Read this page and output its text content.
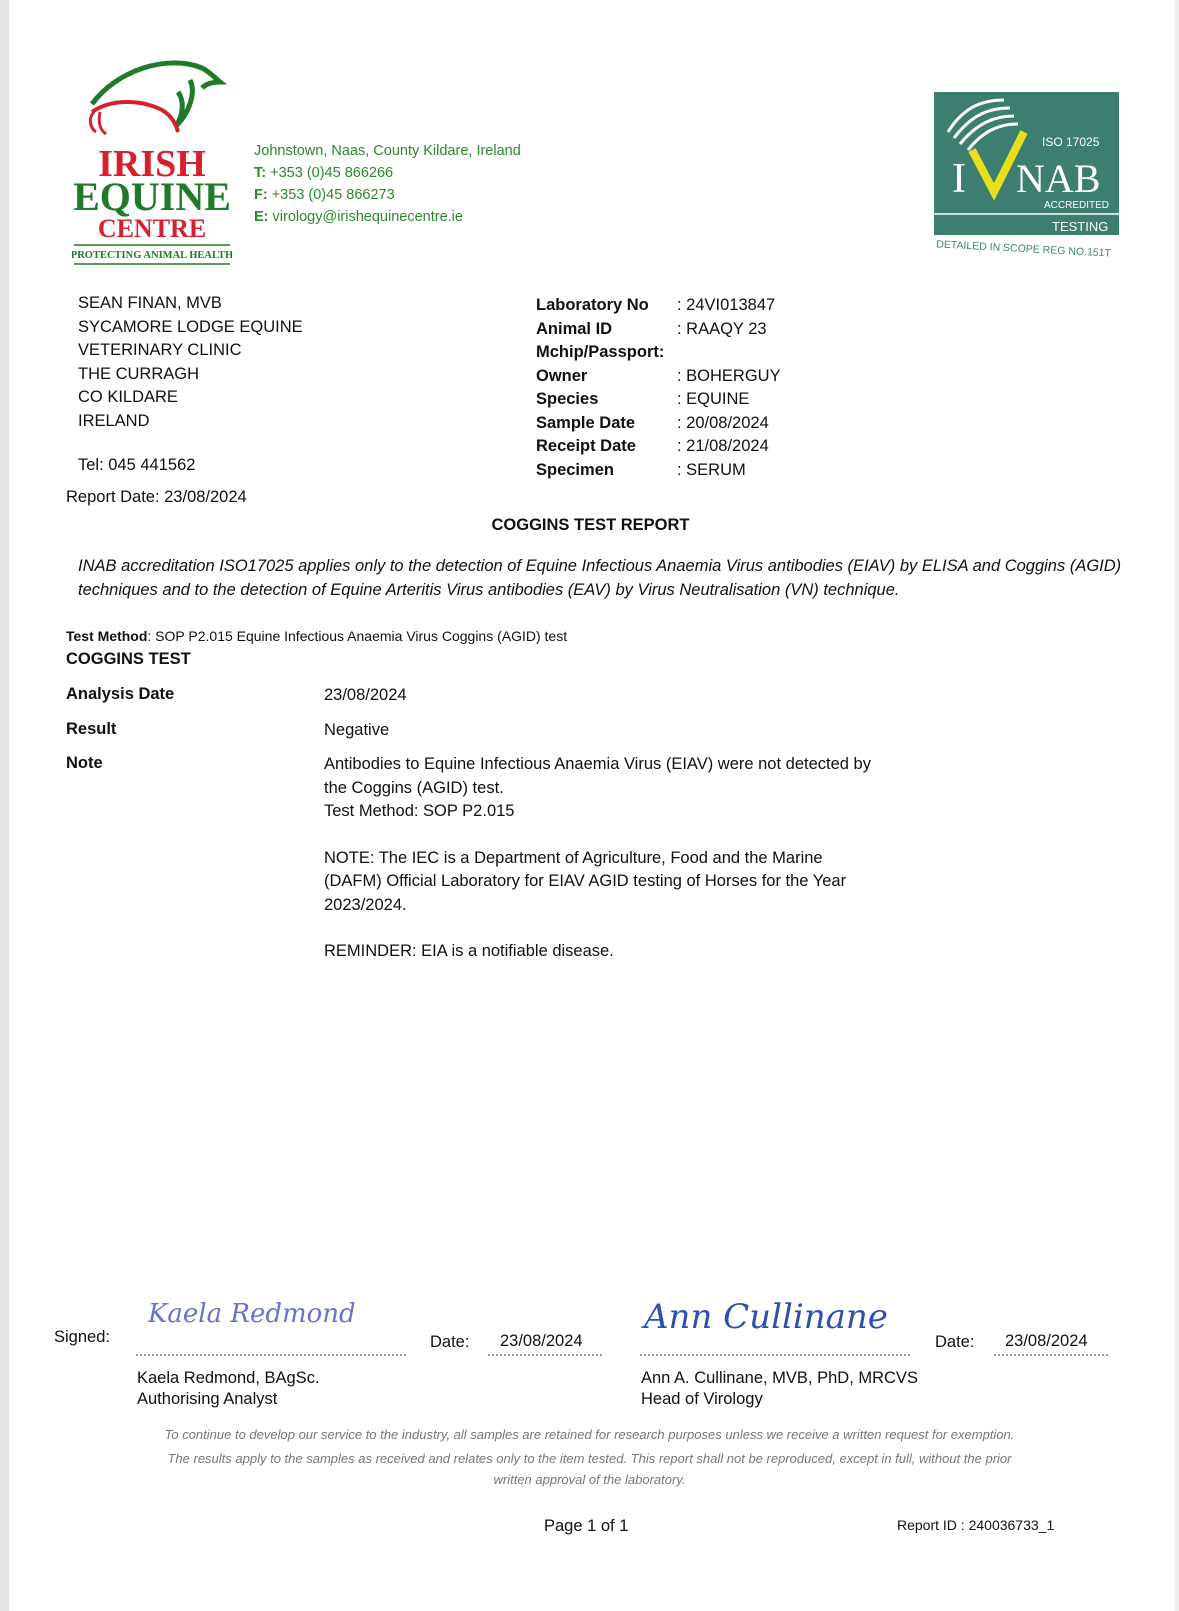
IRISH
EQUINE
CENTRE
PROTECTING ANIMAL HEALTH
Johnstown, Naas, County Kildare, Ireland
T: +353 (0)45 866266
F: +353 (0)45 866273
E: virology@irishequinecentre.ie
I NAB
ISO 17025
ACCREDITED
TESTING
DETAILED IN SCOPE REG NO.151T
SEAN FINAN, MVB
SYCAMORE LODGE EQUINE
VETERINARY CLINIC
THE CURRAGH
CO KILDARE
IRELAND
Tel: 045 441562
Report Date: 23/08/2024
Laboratory No	: 24VI013847
Animal ID	: RAAQY 23
Mchip/Passport:
Owner	: BOHERGUY
Species	: EQUINE
Sample Date	: 20/08/2024
Receipt Date	: 21/08/2024
Specimen	: SERUM
COGGINS TEST REPORT
INAB accreditation ISO17025 applies only to the detection of Equine Infectious Anaemia Virus antibodies (EIAV) by ELISA and Coggins (AGID) techniques and to the detection of Equine Arteritis Virus antibodies (EAV) by Virus Neutralisation (VN) technique.
Test Method: SOP P2.015 Equine Infectious Anaemia Virus Coggins (AGID) test
COGGINS TEST
Analysis Date	23/08/2024
Result	Negative
Note	Antibodies to Equine Infectious Anaemia Virus (EIAV) were not detected by
the Coggins (AGID) test.
Test Method: SOP P2.015
NOTE: The IEC is a Department of Agriculture, Food and the Marine
(DAFM) Official Laboratory for EIAV AGID testing of Horses for the Year
2023/2024.
REMINDER: EIA is a notifiable disease.
Signed:
Kaela Redmond
Kaela Redmond, BAgSc.
Authorising Analyst
Date: 23/08/2024
Ann Cullinane
Ann A. Cullinane, MVB, PhD, MRCVS
Head of Virology
Date: 23/08/2024
To continue to develop our service to the industry, all samples are retained for research purposes unless we receive a written request for exemption.
The results apply to the samples as received and relates only to the item tested. This report shall not be reproduced, except in full, without the prior
written approval of the laboratory.
Page 1 of 1	Report ID : 240036733_1
